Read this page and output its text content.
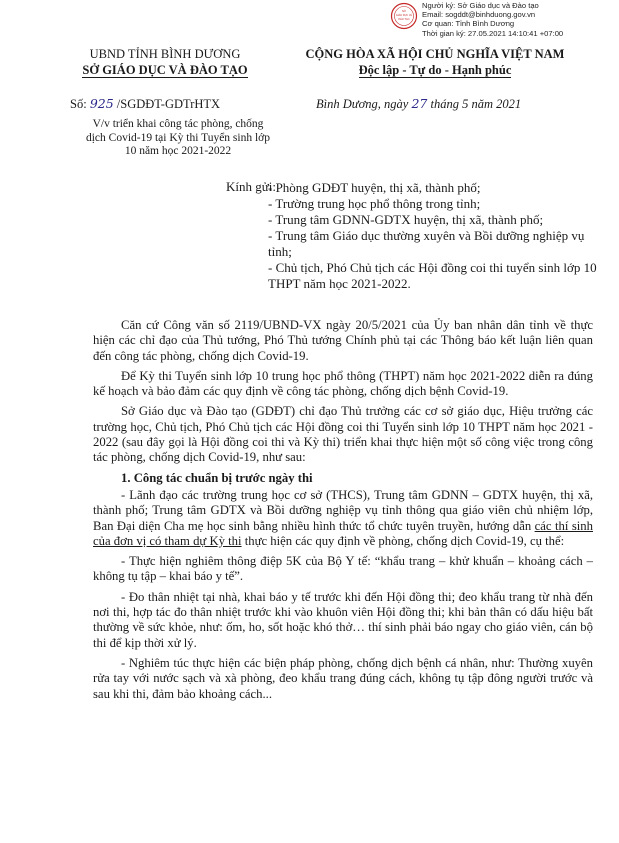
SỞ
GIÁO DỤC VÀ
ĐÀO TẠO
Người ký: Sở Giáo dục và Đào tạo
Email: sogddt@binhduong.gov.vn
Cơ quan: Tỉnh Bình Dương
Thời gian ký: 27.05.2021 14:10:41 +07:00
UBND TỈNH BÌNH DƯƠNG
SỞ GIÁO DỤC VÀ ĐÀO TẠO
CỘNG HÒA XÃ HỘI CHỦ NGHĨA VIỆT NAM
Độc lập - Tự do - Hạnh phúc
Số: 925 /SGDĐT-GDTrHTX	Bình Dương, ngày 27 tháng 5 năm 2021
V/v triển khai công tác phòng, chống
dịch Covid-19 tại Kỳ thi Tuyển sinh lớp
10 năm học 2021-2022
Kính gửi:
- Phòng GDĐT huyện, thị xã, thành phố;
- Trường trung học phổ thông trong tỉnh;
- Trung tâm GDNN-GDTX huyện, thị xã, thành phố;
- Trung tâm Giáo dục thường xuyên và Bồi dưỡng nghiệp vụ tỉnh;
- Chủ tịch, Phó Chủ tịch các Hội đồng coi thi tuyển sinh lớp 10 THPT năm học 2021-2022.

Căn cứ Công văn số 2119/UBND-VX ngày 20/5/2021 của Ủy ban nhân dân tỉnh về thực hiện các chỉ đạo của Thủ tướng, Phó Thủ tướng Chính phủ tại các Thông báo kết luận liên quan đến công tác phòng, chống dịch Covid-19.

Để Kỳ thi Tuyển sinh lớp 10 trung học phổ thông (THPT) năm học 2021-2022 diễn ra đúng kế hoạch và bảo đảm các quy định về công tác phòng, chống dịch bệnh Covid-19.

Sở Giáo dục và Đào tạo (GDĐT) chỉ đạo Thủ trưởng các cơ sở giáo dục, Hiệu trưởng các trường học, Chủ tịch, Phó Chủ tịch các Hội đồng coi thi Tuyển sinh lớp 10 THPT năm học 2021 - 2022 (sau đây gọi là Hội đồng coi thi và Kỳ thi) triển khai thực hiện một số công việc trong công tác phòng, chống dịch Covid-19, như sau:

1. Công tác chuẩn bị trước ngày thi

- Lãnh đạo các trường trung học cơ sở (THCS), Trung tâm GDNN – GDTX huyện, thị xã, thành phố; Trung tâm GDTX và Bồi dưỡng nghiệp vụ tỉnh thông qua giáo viên chủ nhiệm lớp, Ban Đại diện Cha mẹ học sinh bằng nhiều hình thức tổ chức tuyên truyền, hướng dẫn các thí sinh của đơn vị có tham dự Kỳ thi thực hiện các quy định về phòng, chống dịch Covid-19, cụ thể:

- Thực hiện nghiêm thông điệp 5K của Bộ Y tế: “khẩu trang – khử khuẩn – khoảng cách – không tụ tập – khai báo y tế”.

- Đo thân nhiệt tại nhà, khai báo y tế trước khi đến Hội đồng thi; đeo khẩu trang từ nhà đến nơi thi, hợp tác đo thân nhiệt trước khi vào khuôn viên Hội đồng thi; khi bản thân có dấu hiệu bất thường về sức khỏe, như: ốm, ho, sốt hoặc khó thở… thí sinh phải báo ngay cho giáo viên, cán bộ thi để kịp thời xử lý.

- Nghiêm túc thực hiện các biện pháp phòng, chống dịch bệnh cá nhân, như: Thường xuyên rửa tay với nước sạch và xà phòng, đeo khẩu trang đúng cách, không tụ tập đông người trước và sau khi thi, đảm bảo khoảng cách...
